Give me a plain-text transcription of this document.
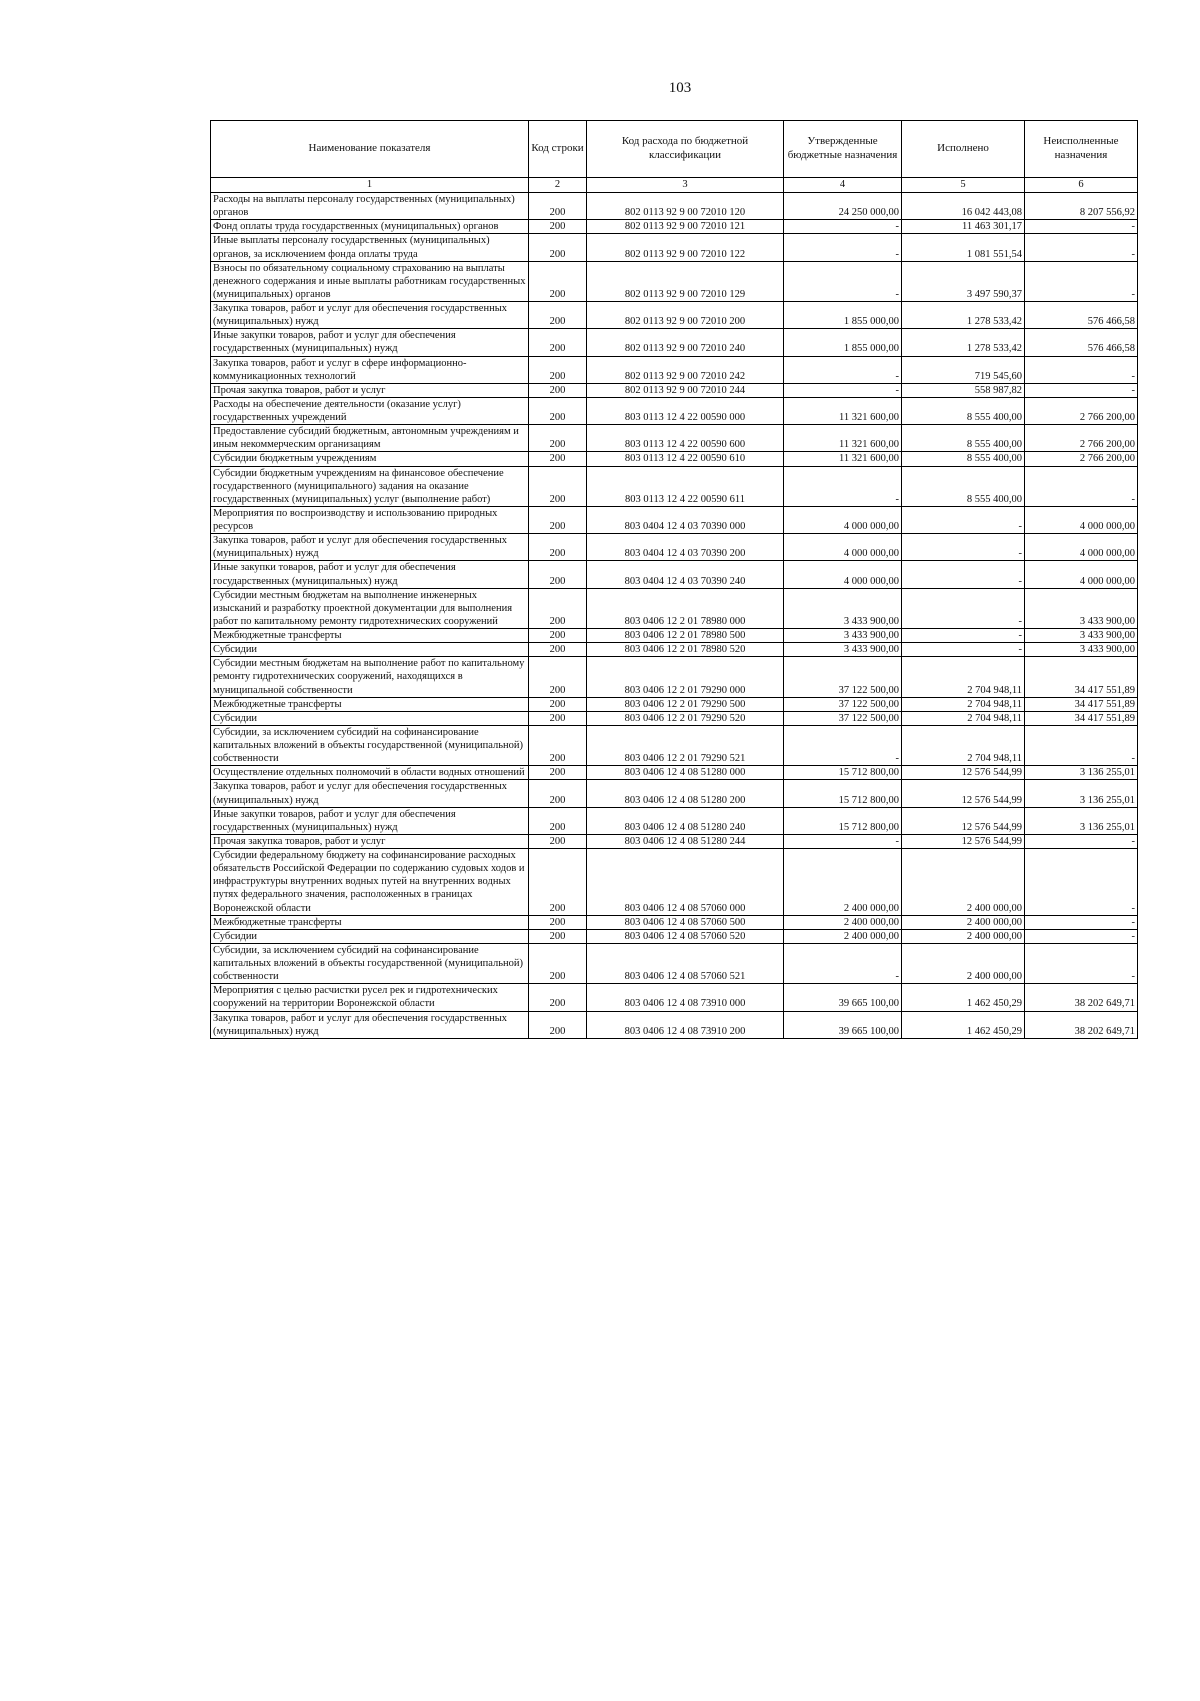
103
Наименование показателя	Код строки	Код расхода по бюджетной классификации	Утвержденные бюджетные назначения	Исполнено	Неисполненные назначения
1	2	3	4	5	6
Расходы на выплаты персоналу государственных (муниципальных) органов	200	802 0113 92 9 00 72010 120	24 250 000,00	16 042 443,08	8 207 556,92
Фонд оплаты труда государственных (муниципальных) органов	200	802 0113 92 9 00 72010 121	-	11 463 301,17	-
Иные выплаты персоналу государственных (муниципальных) органов, за исключением фонда оплаты труда	200	802 0113 92 9 00 72010 122	-	1 081 551,54	-
Взносы по обязательному социальному страхованию на выплаты денежного содержания и иные выплаты работникам государственных (муниципальных) органов	200	802 0113 92 9 00 72010 129	-	3 497 590,37	-
Закупка товаров, работ и услуг для обеспечения государственных (муниципальных) нужд	200	802 0113 92 9 00 72010 200	1 855 000,00	1 278 533,42	576 466,58
Иные закупки товаров, работ и услуг для обеспечения государственных (муниципальных) нужд	200	802 0113 92 9 00 72010 240	1 855 000,00	1 278 533,42	576 466,58
Закупка товаров, работ и услуг в сфере информационно-коммуникационных технологий	200	802 0113 92 9 00 72010 242	-	719 545,60	-
Прочая закупка товаров, работ и услуг	200	802 0113 92 9 00 72010 244	-	558 987,82	-
Расходы на обеспечение деятельности (оказание услуг) государственных учреждений	200	803 0113 12 4 22 00590 000	11 321 600,00	8 555 400,00	2 766 200,00
Предоставление субсидий бюджетным, автономным учреждениям и иным некоммерческим организациям	200	803 0113 12 4 22 00590 600	11 321 600,00	8 555 400,00	2 766 200,00
Субсидии бюджетным учреждениям	200	803 0113 12 4 22 00590 610	11 321 600,00	8 555 400,00	2 766 200,00
Субсидии бюджетным учреждениям на финансовое обеспечение государственного (муниципального) задания на оказание государственных (муниципальных) услуг (выполнение работ)	200	803 0113 12 4 22 00590 611	-	8 555 400,00	-
Мероприятия по воспроизводству и использованию природных ресурсов	200	803 0404 12 4 03 70390 000	4 000 000,00	-	4 000 000,00
Закупка товаров, работ и услуг для обеспечения государственных (муниципальных) нужд	200	803 0404 12 4 03 70390 200	4 000 000,00	-	4 000 000,00
Иные закупки товаров, работ и услуг для обеспечения государственных (муниципальных) нужд	200	803 0404 12 4 03 70390 240	4 000 000,00	-	4 000 000,00
Субсидии местным бюджетам на выполнение инженерных изысканий и разработку проектной документации для выполнения работ по капитальному ремонту гидротехнических сооружений	200	803 0406 12 2 01 78980 000	3 433 900,00	-	3 433 900,00
Межбюджетные трансферты	200	803 0406 12 2 01 78980 500	3 433 900,00	-	3 433 900,00
Субсидии	200	803 0406 12 2 01 78980 520	3 433 900,00	-	3 433 900,00
Субсидии местным бюджетам на выполнение работ по капитальному ремонту гидротехнических сооружений, находящихся в муниципальной собственности	200	803 0406 12 2 01 79290 000	37 122 500,00	2 704 948,11	34 417 551,89
Межбюджетные трансферты	200	803 0406 12 2 01 79290 500	37 122 500,00	2 704 948,11	34 417 551,89
Субсидии	200	803 0406 12 2 01 79290 520	37 122 500,00	2 704 948,11	34 417 551,89
Субсидии, за исключением субсидий на софинансирование капитальных вложений в объекты государственной (муниципальной) собственности	200	803 0406 12 2 01 79290 521	-	2 704 948,11	-
Осуществление отдельных полномочий в области водных отношений	200	803 0406 12 4 08 51280 000	15 712 800,00	12 576 544,99	3 136 255,01
Закупка товаров, работ и услуг для обеспечения государственных (муниципальных) нужд	200	803 0406 12 4 08 51280 200	15 712 800,00	12 576 544,99	3 136 255,01
Иные закупки товаров, работ и услуг для обеспечения государственных (муниципальных) нужд	200	803 0406 12 4 08 51280 240	15 712 800,00	12 576 544,99	3 136 255,01
Прочая закупка товаров, работ и услуг	200	803 0406 12 4 08 51280 244	-	12 576 544,99	-
Субсидии федеральному бюджету на софинансирование расходных обязательств Российской Федерации по содержанию судовых ходов и инфраструктуры внутренних водных путей на внутренних водных путях федерального значения, расположенных в границах Воронежской области	200	803 0406 12 4 08 57060 000	2 400 000,00	2 400 000,00	-
Межбюджетные трансферты	200	803 0406 12 4 08 57060 500	2 400 000,00	2 400 000,00	-
Субсидии	200	803 0406 12 4 08 57060 520	2 400 000,00	2 400 000,00	-
Субсидии, за исключением субсидий на софинансирование капитальных вложений в объекты государственной (муниципальной) собственности	200	803 0406 12 4 08 57060 521	-	2 400 000,00	-
Мероприятия с целью расчистки русел рек и гидротехнических сооружений на территории Воронежской области	200	803 0406 12 4 08 73910 000	39 665 100,00	1 462 450,29	38 202 649,71
Закупка товаров, работ и услуг для обеспечения государственных (муниципальных) нужд	200	803 0406 12 4 08 73910 200	39 665 100,00	1 462 450,29	38 202 649,71
